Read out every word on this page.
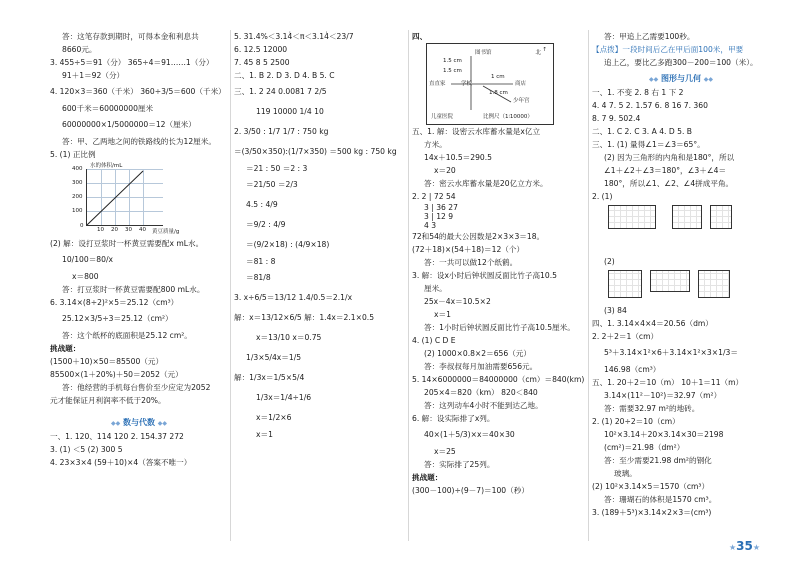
答：这笔存款到期时，可得本金和利息共
8660元。
3. 455÷5＝91（分） 365÷4＝91……1（分）
91＋1＝92（分）
4. 120×3＝360（千米） 360÷3/5＝600（千米）
600千米＝60000000厘米
60000000×1/5000000＝12（厘米）
答：甲、乙两地之间的铁路线的长为12厘米。
5. (1) 正比例
水的体积/mL
400
300
200
100
0
10 20 30 40 黄豆质量/g
(2) 解：设打豆浆时一杯黄豆需要配x mL水。
10/100＝80/x
x＝800
答：打豆浆时一杯黄豆需要配800 mL水。
6. 3.14×(8÷2)²×5＝25.12（cm³）
25.12×3/5÷3＝25.12（cm²）
答：这个纸杯的底面积是25.12 cm²。
挑战题：
(1500＋10)×50＝85500（元）
85500×(1＋20%)＋50＝2052（元）
答：他经营的手机每台售价至少应定为2052
元才能保证月利润率不低于20%。
◆◆ 数与代数 ◆◆
一、1. 120、114 120 2. 154.37 272
3. (1) ＜5 (2) 300 5
4. 23×3×4 (59＋10)×4（答案不唯一）
5. 31.4%＜3.14̇＜π＜3.14̇＜23/7
6. 12.5 12000
7. 45 8 5 2500
二、1. B 2. D 3. D 4. B 5. C
三、1. 2 24 0.0081 7 2/5
119 10000 1/4 10
2. 3/50 : 1/7 1/7 : 750 kg
＝(3/50×350):(1/7×350) ＝500 kg : 750 kg
＝21 : 50 ＝2 : 3
＝21/50 ＝2/3
4.5 : 4/9
＝9/2 : 4/9
＝(9/2×18) : (4/9×18)
＝81 : 8
＝81/8
3. x÷6/5＝13/12 1.4/0.5＝2.1/x
解：x＝13/12×6/5 解：1.4x＝2.1×0.5
x＝13/10 x＝0.75
1/3×5/4x＝1/5
解：1/3x＝1/5×5/4
1/3x＝1/4÷1/6
x＝1/2×6
x＝1
四、
图书馆	↑
北
1.5 cm
1.5 cm
直直家	学校	商店
1 cm
1.8 cm
少年宫
儿童医院	比例尺（1∶10000）
五、1. 解：设密云水库蓄水量是x亿立
方米。
14x＋10.5＝290.5
x＝20
答：密云水库蓄水量是20亿立方米。
2. 2 | 72 54
3 | 36 27
3 | 12 9
4 3
72和54的最大公因数是2×3×3＝18。
(72＋18)×(54＋18)＝12（个）
答：一共可以做12个纸鹤。
3. 解：设x小时后钟状圆反面比竹子高10.5
厘米。
25x－4x＝10.5×2
x＝1
答：1小时后钟状圆反面比竹子高10.5厘米。
4. (1) C D E
(2) 1000×0.8×2＝656（元）
答：李叔叔每月加油需要656元。
5. 14×6000000＝84000000（cm）＝840(km)
205×4＝820（km） 820＜840
答：这列动车4小时不能到达乙地。
6. 解：设实际排了x列。
40×(1＋5/3)×x＝40×30
x＝25
答：实际排了25列。
挑战题：
(300－100)÷(9－7)＝100（秒）
答：甲追上乙需要100秒。
【点拨】一段时间后乙在甲后面100米，甲要
追上乙，要比乙多跑300－200＝100（米）。
◆◆ 图形与几何 ◆◆
一、1. 不变 2. 8 右 1 下 2
4. 4 7. 5 2. 1.57 6. 8 16 7. 360
8. 7 9. 502.4
二、1. C 2. C 3. A 4. D 5. B
三、1. (1) 量得∠1＝∠3＝65°。
(2) 因为三角形的内角和是180°，所以
∠1＋∠2＋∠3＝180°，∠3＋∠4＝
180°，所以∠1、∠2、∠4拼成平角。
2. (1)
(2)
(3) 84
四、1. 3.14×4×4＝20.56（dm）
2. 2＋2＝1（cm）
5³＋3.14×1²×6＋3.14×1²×3×1/3＝
146.98（cm³）
五、1. 20＋2＝10（m） 10＋1＝11（m）
3.14×(11²－10²)＝32.97（m²）
答：需要32.97 m²的地砖。
2. (1) 20÷2＝10（cm）
10²×3.14＋20×3.14×30＝2198
(cm²)＝21.98（dm²）
答：至少需要21.98 dm²的钢化
玻璃。
(2) 10²×3.14×5＝1570（cm³）
答：珊瑚石的体积是1570 cm³。
3. (189＋5³)×3.14×2×3＝(cm³)
★35★
